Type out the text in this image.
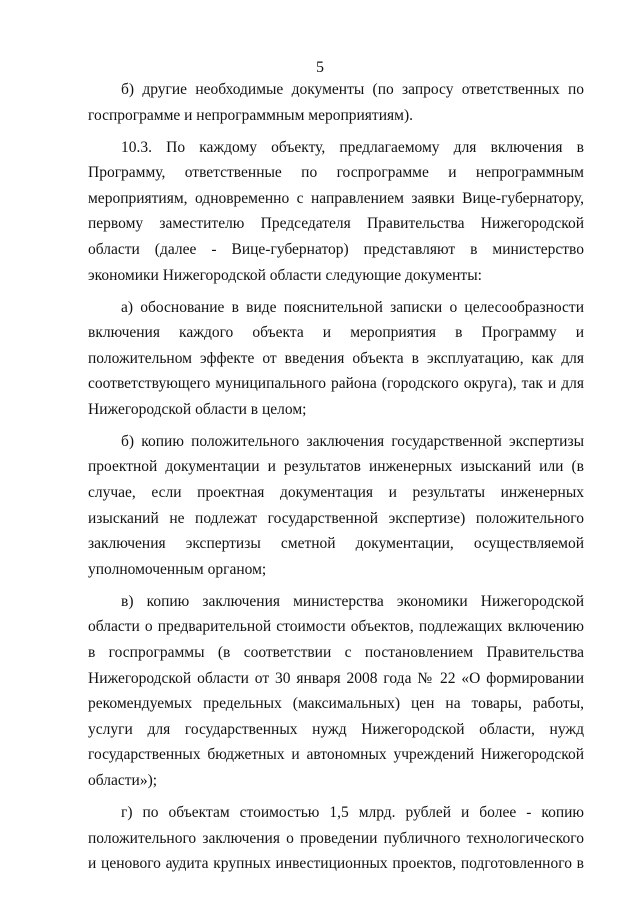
5

б) другие необходимые документы (по запросу ответственных по госпрограмме и непрограммным мероприятиям).

10.3. По каждому объекту, предлагаемому для включения в Программу, ответственные по госпрограмме и непрограммным мероприятиям, одновременно с направлением заявки Вице-губернатору, первому заместителю Председателя Правительства Нижегородской области (далее - Вице-губернатор) представляют в министерство экономики Нижегородской области следующие документы:

а) обоснование в виде пояснительной записки о целесообразности включения каждого объекта и мероприятия в Программу и положительном эффекте от введения объекта в эксплуатацию, как для соответствующего муниципального района (городского округа), так и для Нижегородской области в целом;

б) копию положительного заключения государственной экспертизы проектной документации и результатов инженерных изысканий или (в случае, если проектная документация и результаты инженерных изысканий не подлежат государственной экспертизе) положительного заключения экспертизы сметной документации, осуществляемой уполномоченным органом;

в) копию заключения министерства экономики Нижегородской области о предварительной стоимости объектов, подлежащих включению в госпрограммы (в соответствии с постановлением Правительства Нижегородской области от 30 января 2008 года № 22 «О формировании рекомендуемых предельных (максимальных) цен на товары, работы, услуги для государственных нужд Нижегородской области, нужд государственных бюджетных и автономных учреждений Нижегородской области»);

г) по объектам стоимостью 1,5 млрд. рублей и более - копию положительного заключения о проведении публичного технологического и ценового аудита крупных инвестиционных проектов, подготовленного в
